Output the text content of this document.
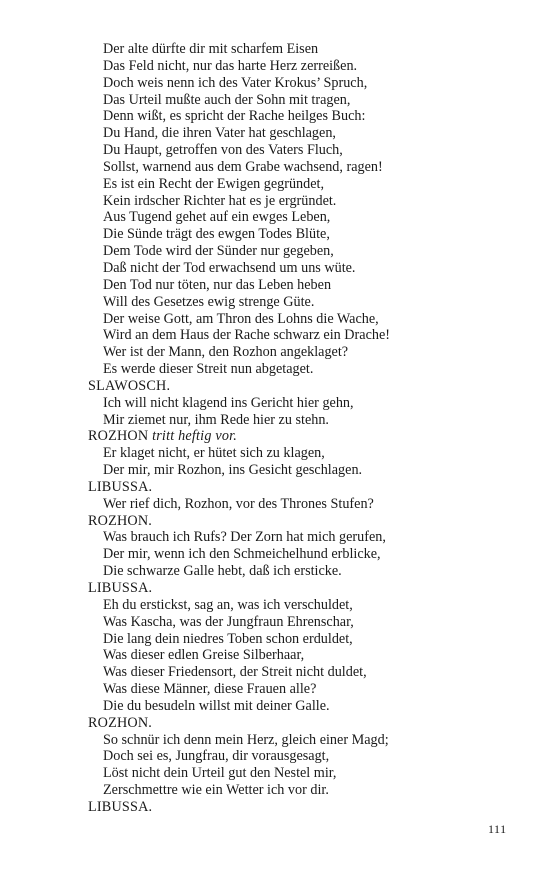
Der alte dürfte dir mit scharfem Eisen
Das Feld nicht, nur das harte Herz zerreißen.
Doch weis nenn ich des Vater Krokus’ Spruch,
Das Urteil mußte auch der Sohn mit tragen,
Denn wißt, es spricht der Rache heilges Buch:
Du Hand, die ihren Vater hat geschlagen,
Du Haupt, getroffen von des Vaters Fluch,
Sollst, warnend aus dem Grabe wachsend, ragen!
Es ist ein Recht der Ewigen gegründet,
Kein irdscher Richter hat es je ergründet.
Aus Tugend gehet auf ein ewges Leben,
Die Sünde trägt des ewgen Todes Blüte,
Dem Tode wird der Sünder nur gegeben,
Daß nicht der Tod erwachsend um uns wüte.
Den Tod nur töten, nur das Leben heben
Will des Gesetzes ewig strenge Güte.
Der weise Gott, am Thron des Lohns die Wache,
Wird an dem Haus der Rache schwarz ein Drache!
Wer ist der Mann, den Rozhon angeklaget?
Es werde dieser Streit nun abgetaget.
SLAWOSCH.
Ich will nicht klagend ins Gericht hier gehn,
Mir ziemet nur, ihm Rede hier zu stehn.
ROZHON tritt heftig vor.
Er klaget nicht, er hütet sich zu klagen,
Der mir, mir Rozhon, ins Gesicht geschlagen.
LIBUSSA.
Wer rief dich, Rozhon, vor des Thrones Stufen?
ROZHON.
Was brauch ich Rufs? Der Zorn hat mich gerufen,
Der mir, wenn ich den Schmeichelhund erblicke,
Die schwarze Galle hebt, daß ich ersticke.
LIBUSSA.
Eh du erstickst, sag an, was ich verschuldet,
Was Kascha, was der Jungfraun Ehrenschar,
Die lang dein niedres Toben schon erduldet,
Was dieser edlen Greise Silberhaar,
Was dieser Friedensort, der Streit nicht duldet,
Was diese Männer, diese Frauen alle?
Die du besudeln willst mit deiner Galle.
ROZHON.
So schnür ich denn mein Herz, gleich einer Magd;
Doch sei es, Jungfrau, dir vorausgesagt,
Löst nicht dein Urteil gut den Nestel mir,
Zerschmettre wie ein Wetter ich vor dir.
LIBUSSA.
111
